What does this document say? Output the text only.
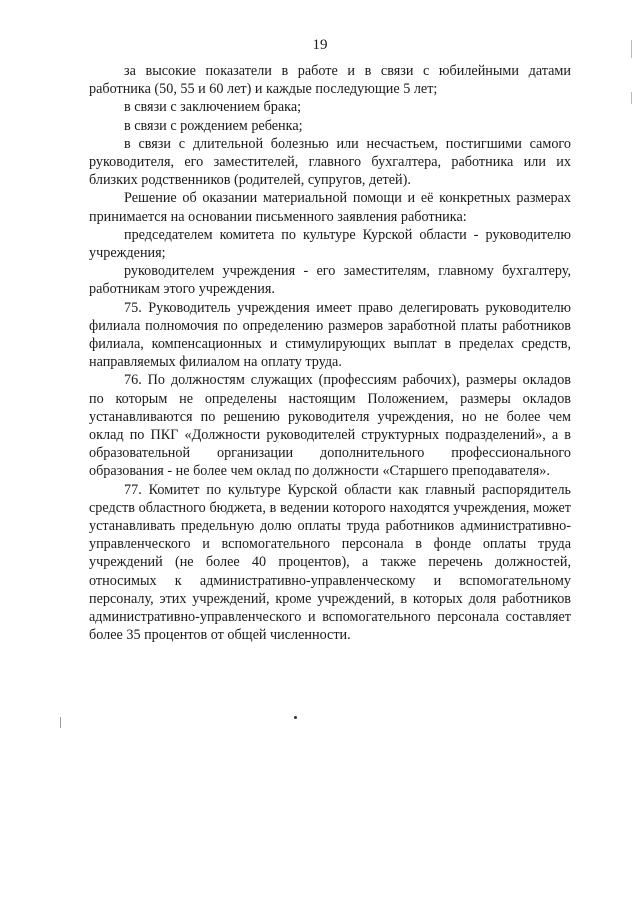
19

за высокие показатели в работе и в связи с юбилейными датами работника (50, 55 и 60 лет) и каждые последующие 5 лет;

в связи с заключением брака;

в связи с рождением ребенка;

в связи с длительной болезнью или несчастьем, постигшими самого руководителя, его заместителей, главного бухгалтера, работника или их близких родственников (родителей, супругов, детей).

Решение об оказании материальной помощи и её конкретных размерах принимается на основании письменного заявления работника:

председателем комитета по культуре Курской области - руководителю учреждения;

руководителем учреждения - его заместителям, главному бухгалтеру, работникам этого учреждения.

75. Руководитель учреждения имеет право делегировать руководителю филиала полномочия по определению размеров заработной платы работников филиала, компенсационных и стимулирующих выплат в пределах средств, направляемых филиалом на оплату труда.

76. По должностям служащих (профессиям рабочих), размеры окладов по которым не определены настоящим Положением, размеры окладов устанавливаются по решению руководителя учреждения, но не более чем оклад по ПКГ «Должности руководителей структурных подразделений», а в образовательной организации дополнительного профессионального образования - не более чем оклад по должности «Старшего преподавателя».

77. Комитет по культуре Курской области как главный распорядитель средств областного бюджета, в ведении которого находятся учреждения, может устанавливать предельную долю оплаты труда работников административно-управленческого и вспомогательного персонала в фонде оплаты труда учреждений (не более 40 процентов), а также перечень должностей, относимых к административно-управленческому и вспомогательному персоналу, этих учреждений, кроме учреждений, в которых доля работников административно-управленческого и вспомогательного персонала составляет более 35 процентов от общей численности.
